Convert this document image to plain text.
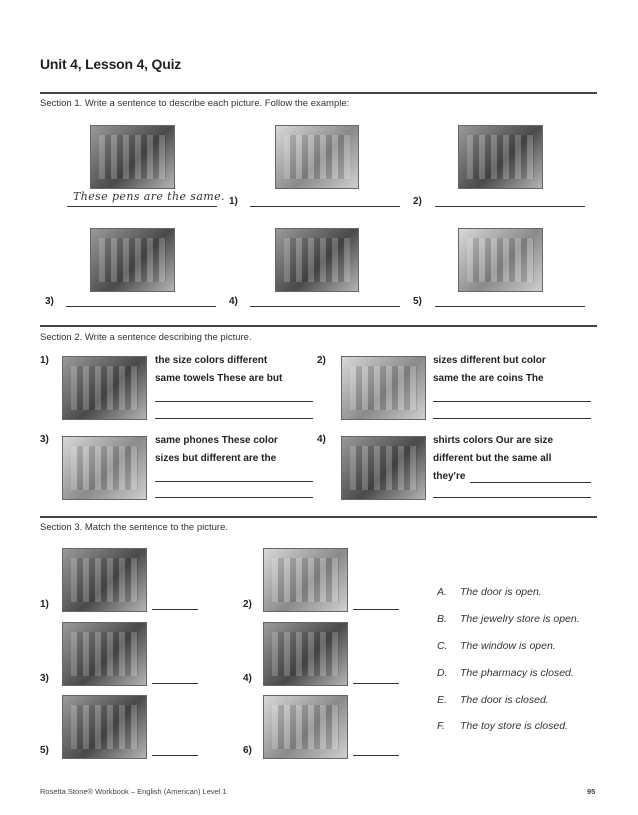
Unit 4, Lesson 4, Quiz
Section 1. Write a sentence to describe each picture. Follow the example:
These pens are the same. 1)	2)
3)	4)	5)
Section 2. Write a sentence describing the picture.
1)	the size colors different
same towels These are but
2)	sizes different but color
same the are coins The
3)	same phones These color
sizes but different are the
4)	shirts colors Our are size
different but the same all
they're
Section 3. Match the sentence to the picture.
1)	2)
3)	4)
5)	6)
A. The door is open.
B. The jewelry store is open.
C. The window is open.
D. The pharmacy is closed.
E. The door is closed.
F. The toy store is closed.
Rosetta Stone® Workbook – English (American) Level 1	95
